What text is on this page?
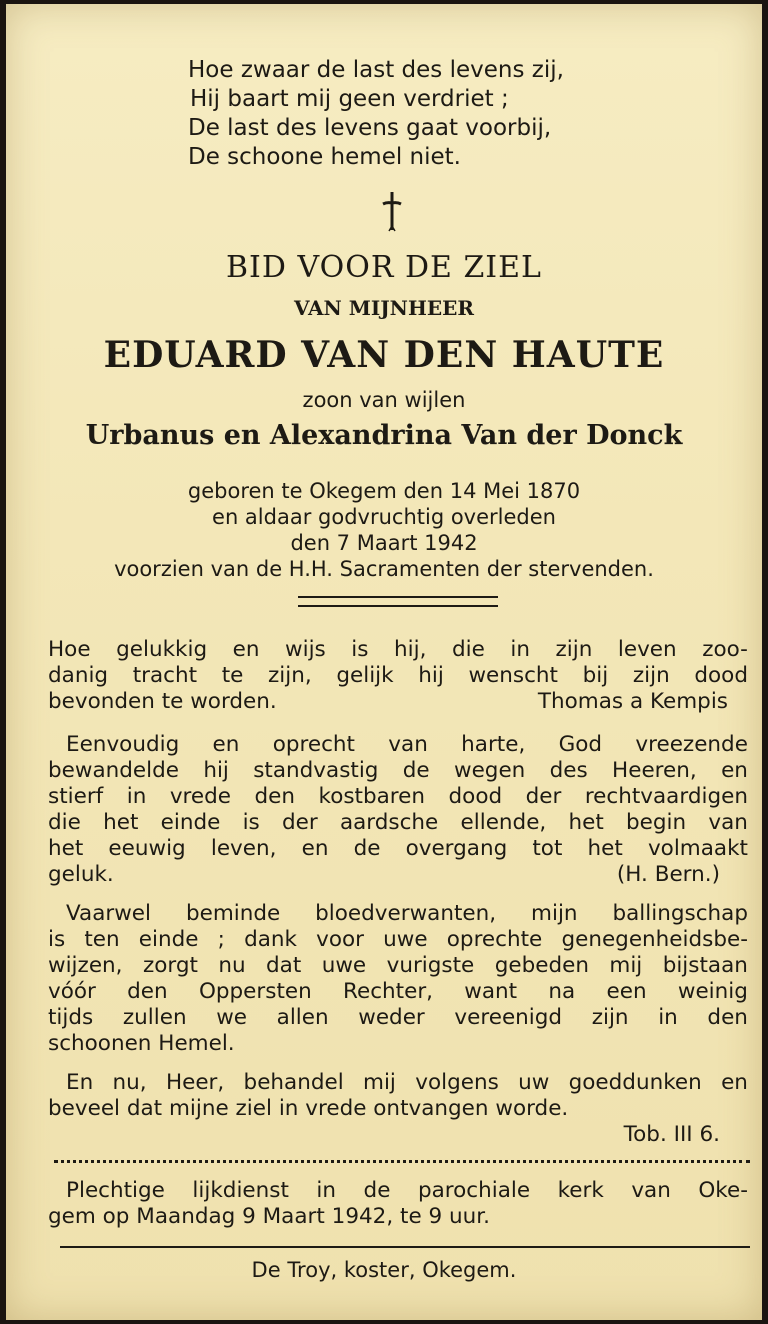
Hoe zwaar de last des levens zij,
Hij baart mij geen verdriet ;
De last des levens gaat voorbij,
De schoone hemel niet.
BID VOOR DE ZIEL
VAN MIJNHEER
EDUARD VAN DEN HAUTE
zoon van wijlen
Urbanus en Alexandrina Van der Donck
geboren te Okegem den 14 Mei 1870
en aldaar godvruchtig overleden
den 7 Maart 1942
voorzien van de H.H. Sacramenten der stervenden.
Hoe gelukkig en wijs is hij, die in zijn leven zoo-
danig tracht te zijn, gelijk hij wenscht bij zijn dood
bevonden te worden.	Thomas a Kempis
Eenvoudig en oprecht van harte, God vreezende
bewandelde hij standvastig de wegen des Heeren, en
stierf in vrede den kostbaren dood der rechtvaardigen
die het einde is der aardsche ellende, het begin van
het eeuwig leven, en de overgang tot het volmaakt
geluk.	(H. Bern.)
Vaarwel beminde bloedverwanten, mijn ballingschap
is ten einde ; dank voor uwe oprechte genegenheidsbe-
wijzen, zorgt nu dat uwe vurigste gebeden mij bijstaan
vóór den Oppersten Rechter, want na een weinig
tijds zullen we allen weder vereenigd zijn in den
schoonen Hemel.
En nu, Heer, behandel mij volgens uw goeddunken en
beveel dat mijne ziel in vrede ontvangen worde.
Tob. III 6.
Plechtige lijkdienst in de parochiale kerk van Oke-
gem op Maandag 9 Maart 1942, te 9 uur.
De Troy, koster, Okegem.
